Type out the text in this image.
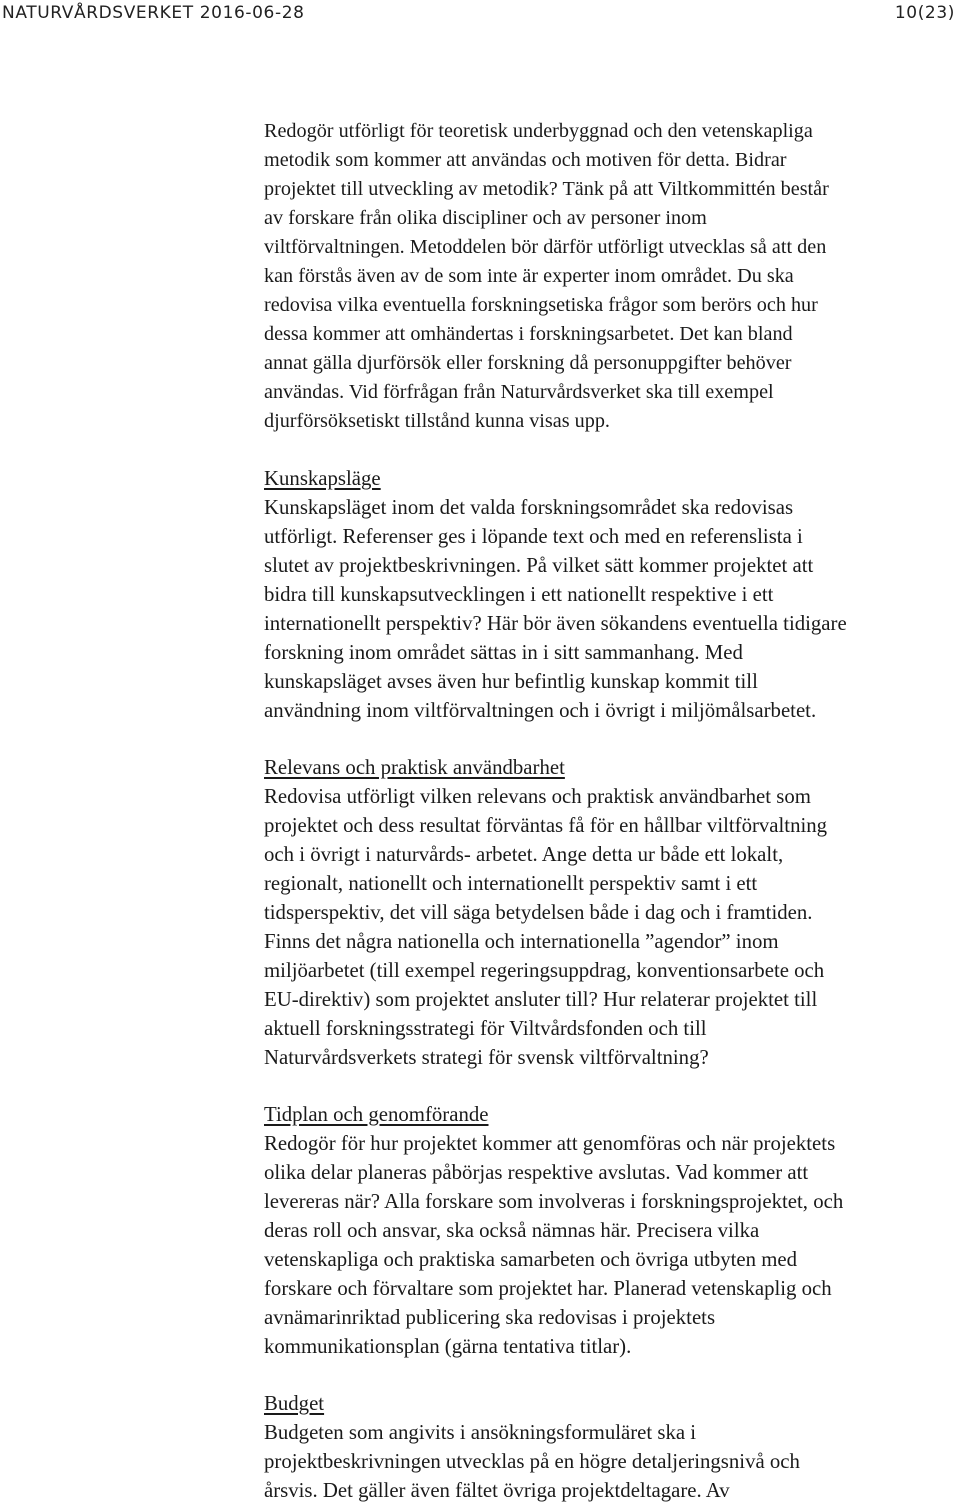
NATURVÅRDSVERKET 2016-06-28	10(23)
Redogör utförligt för teoretisk underbyggnad och den vetenskapliga
metodik som kommer att användas och motiven för detta. Bidrar
projektet till utveckling av metodik? Tänk på att Viltkommittén består
av forskare från olika discipliner och av personer inom
viltförvaltningen. Metoddelen bör därför utförligt utvecklas så att den
kan förstås även av de som inte är experter inom området. Du ska
redovisa vilka eventuella forskningsetiska frågor som berörs och hur
dessa kommer att omhändertas i forskningsarbetet. Det kan bland
annat gälla djurförsök eller forskning då personuppgifter behöver
användas. Vid förfrågan från Naturvårdsverket ska till exempel
djurförsöksetiskt tillstånd kunna visas upp.
Kunskapsläge
Kunskapsläget inom det valda forskningsområdet ska redovisas
utförligt. Referenser ges i löpande text och med en referenslista i
slutet av projektbeskrivningen. På vilket sätt kommer projektet att
bidra till kunskapsutvecklingen i ett nationellt respektive i ett
internationellt perspektiv? Här bör även sökandens eventuella tidigare
forskning inom området sättas in i sitt sammanhang. Med
kunskapsläget avses även hur befintlig kunskap kommit till
användning inom viltförvaltningen och i övrigt i miljömålsarbetet.
Relevans och praktisk användbarhet
Redovisa utförligt vilken relevans och praktisk användbarhet som
projektet och dess resultat förväntas få för en hållbar viltförvaltning
och i övrigt i naturvårds- arbetet. Ange detta ur både ett lokalt,
regionalt, nationellt och internationellt perspektiv samt i ett
tidsperspektiv, det vill säga betydelsen både i dag och i framtiden.
Finns det några nationella och internationella ”agendor” inom
miljöarbetet (till exempel regeringsuppdrag, konventionsarbete och
EU-direktiv) som projektet ansluter till? Hur relaterar projektet till
aktuell forskningsstrategi för Viltvårdsfonden och till
Naturvårdsverkets strategi för svensk viltförvaltning?
Tidplan och genomförande
Redogör för hur projektet kommer att genomföras och när projektets
olika delar planeras påbörjas respektive avslutas. Vad kommer att
levereras när? Alla forskare som involveras i forskningsprojektet, och
deras roll och ansvar, ska också nämnas här. Precisera vilka
vetenskapliga och praktiska samarbeten och övriga utbyten med
forskare och förvaltare som projektet har. Planerad vetenskaplig och
avnämarinriktad publicering ska redovisas i projektets
kommunikationsplan (gärna tentativa titlar).
Budget
Budgeten som angivits i ansökningsformuläret ska i
projektbeskrivningen utvecklas på en högre detaljeringsnivå och
årsvis. Det gäller även fältet övriga projektdeltagare. Av
